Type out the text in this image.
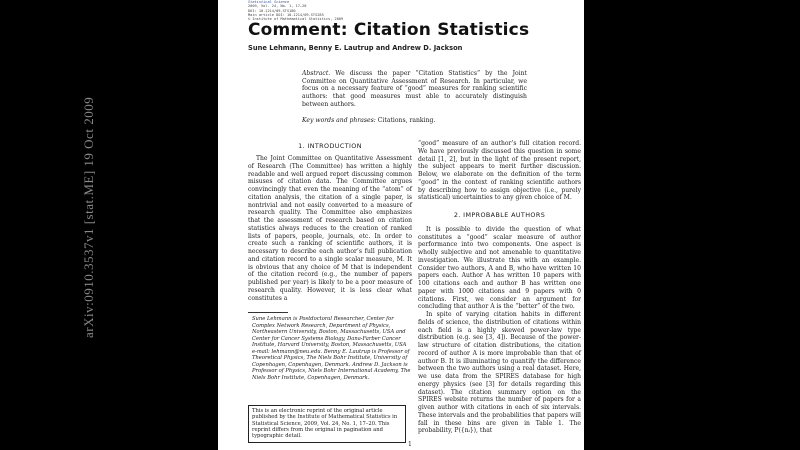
arXiv:0910.3537v1 [stat.ME] 19 Oct 2009
Statistical Science
2009, Vol. 24, No. 1, 17–20
DOI: 10.1214/09-STS180
Main article DOI: 10.1214/09-STS285
© Institute of Mathematical Statistics, 2009
Comment: Citation Statistics
Sune Lehmann, Benny E. Lautrup and Andrew D. Jackson
Abstract. We discuss the paper “Citation Statistics” by the Joint Committee on Quantitative Assessment of Research. In particular, we focus on a necessary feature of “good” measures for ranking scientific authors: that good measures must able to accurately distinguish between authors.
Key words and phrases: Citations, ranking.
1. INTRODUCTION

The Joint Committee on Quantitative Assessment of Research (The Committee) has written a highly readable and well argued report discussing common misuses of citation data. The Committee argues convincingly that even the meaning of the “atom” of citation analysis, the citation of a single paper, is nontrivial and not easily converted to a measure of research quality. The Committee also emphasizes that the assessment of research based on citation statistics always reduces to the creation of ranked lists of papers, people, journals, etc. In order to create such a ranking of scientific authors, it is necessary to describe each author’s full publication and citation record to a single scalar measure, M. It is obvious that any choice of M that is independent of the citation record (e.g., the number of papers published per year) is likely to be a poor measure of research quality. However, it is less clear what constitutes a

“good” measure of an author’s full citation record. We have previously discussed this question in some detail [1, 2], but in the light of the present report, the subject appears to merit further discussion. Below, we elaborate on the definition of the term “good” in the context of ranking scientific authors by describing how to assign objective (i.e., purely statistical) uncertainties to any given choice of M.

2. IMPROBABLE AUTHORS

It is possible to divide the question of what constitutes a “good” scalar measure of author performance into two components. One aspect is wholly subjective and not amenable to quantitative investigation. We illustrate this with an example. Consider two authors, A and B, who have written 10 papers each. Author A has written 10 papers with 100 citations each and author B has written one paper with 1000 citations and 9 papers with 0 citations. First, we consider an argument for concluding that author A is the “better” of the two.

In spite of varying citation habits in different fields of science, the distribution of citations within each field is a highly skewed power-law type distribution (e.g. see [3, 4]). Because of the power-law structure of citation distributions, the citation record of author A is more improbable than that of author B. It is illuminating to quantify the difference between the two authors using a real dataset. Here, we use data from the SPIRES database for high energy physics (see [3] for details regarding this dataset). The citation summary option on the SPIRES website returns the number of papers for a given author with citations in each of six intervals. These intervals and the probabilities that papers will fall in these bins are given in Table 1. The probability, P({nᵢ}), that

Sune Lehmann is Postdoctoral Researcher, Center for Complex Network Research, Department of Physics, Northeastern University, Boston, Massachusetts, USA and Center for Cancer Systems Biology, Dana-Farber Cancer Institute, Harvard University, Boston, Massachusetts, USA e-mail: lehmann@neu.edu. Benny E. Lautrup is Professor of Theoretical Physics, The Niels Bohr Institute, University of Copenhagen, Copenhagen, Denmark. Andrew D. Jackson is Professor of Physics, Niels Bohr International Academy, The Niels Bohr Institute, Copenhagen, Denmark.
This is an electronic reprint of the original article published by the Institute of Mathematical Statistics in Statistical Science, 2009, Vol. 24, No. 1, 17–20. This reprint differs from the original in pagination and typographic detail.
1
